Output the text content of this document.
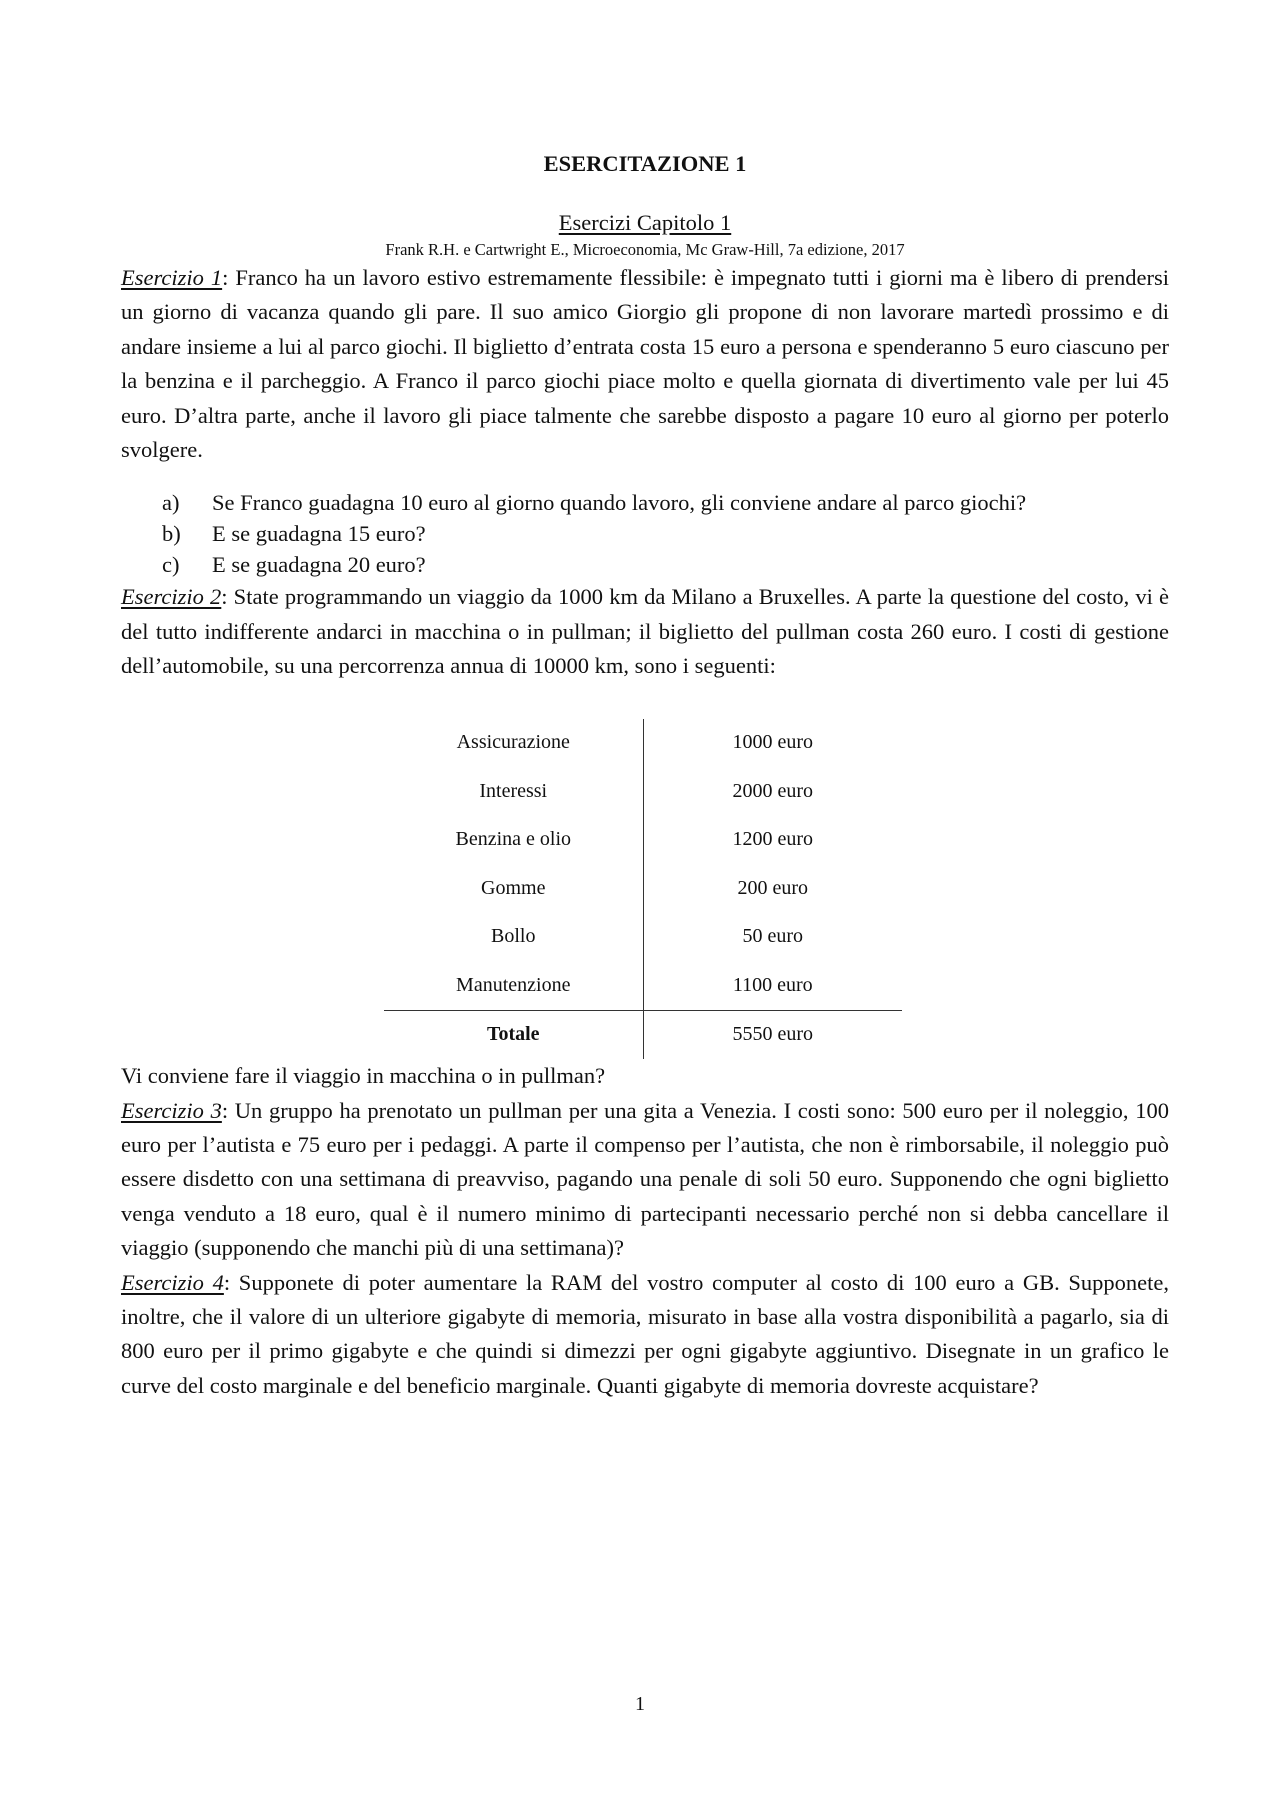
ESERCITAZIONE 1
Esercizi Capitolo 1
Frank R.H. e Cartwright E., Microeconomia, Mc Graw-Hill, 7a edizione, 2017

Esercizio 1: Franco ha un lavoro estivo estremamente flessibile: è impegnato tutti i giorni ma è libero di prendersi un giorno di vacanza quando gli pare. Il suo amico Giorgio gli propone di non lavorare martedì prossimo e di andare insieme a lui al parco giochi. Il biglietto d’entrata costa 15 euro a persona e spenderanno 5 euro ciascuno per la benzina e il parcheggio. A Franco il parco giochi piace molto e quella giornata di divertimento vale per lui 45 euro. D’altra parte, anche il lavoro gli piace talmente che sarebbe disposto a pagare 10 euro al giorno per poterlo svolgere.

a)	Se Franco guadagna 10 euro al giorno quando lavoro, gli conviene andare al parco giochi?
b)	E se guadagna 15 euro?
c)	E se guadagna 20 euro?

Esercizio 2: State programmando un viaggio da 1000 km da Milano a Bruxelles. A parte la questione del costo, vi è del tutto indifferente andarci in macchina o in pullman; il biglietto del pullman costa 260 euro. I costi di gestione dell’automobile, su una percorrenza annua di 10000 km, sono i seguenti:

Assicurazione	1000 euro
Interessi	2000 euro
Benzina e olio	1200 euro
Gomme	200 euro
Bollo	50 euro
Manutenzione	1100 euro
Totale	5550 euro

Vi conviene fare il viaggio in macchina o in pullman?

Esercizio 3: Un gruppo ha prenotato un pullman per una gita a Venezia. I costi sono: 500 euro per il noleggio, 100 euro per l’autista e 75 euro per i pedaggi. A parte il compenso per l’autista, che non è rimborsabile, il noleggio può essere disdetto con una settimana di preavviso, pagando una penale di soli 50 euro. Supponendo che ogni biglietto venga venduto a 18 euro, qual è il numero minimo di partecipanti necessario perché non si debba cancellare il viaggio (supponendo che manchi più di una settimana)?

Esercizio 4: Supponete di poter aumentare la RAM del vostro computer al costo di 100 euro a GB. Supponete, inoltre, che il valore di un ulteriore gigabyte di memoria, misurato in base alla vostra disponibilità a pagarlo, sia di 800 euro per il primo gigabyte e che quindi si dimezzi per ogni gigabyte aggiuntivo. Disegnate in un grafico le curve del costo marginale e del beneficio marginale. Quanti gigabyte di memoria dovreste acquistare?

1
